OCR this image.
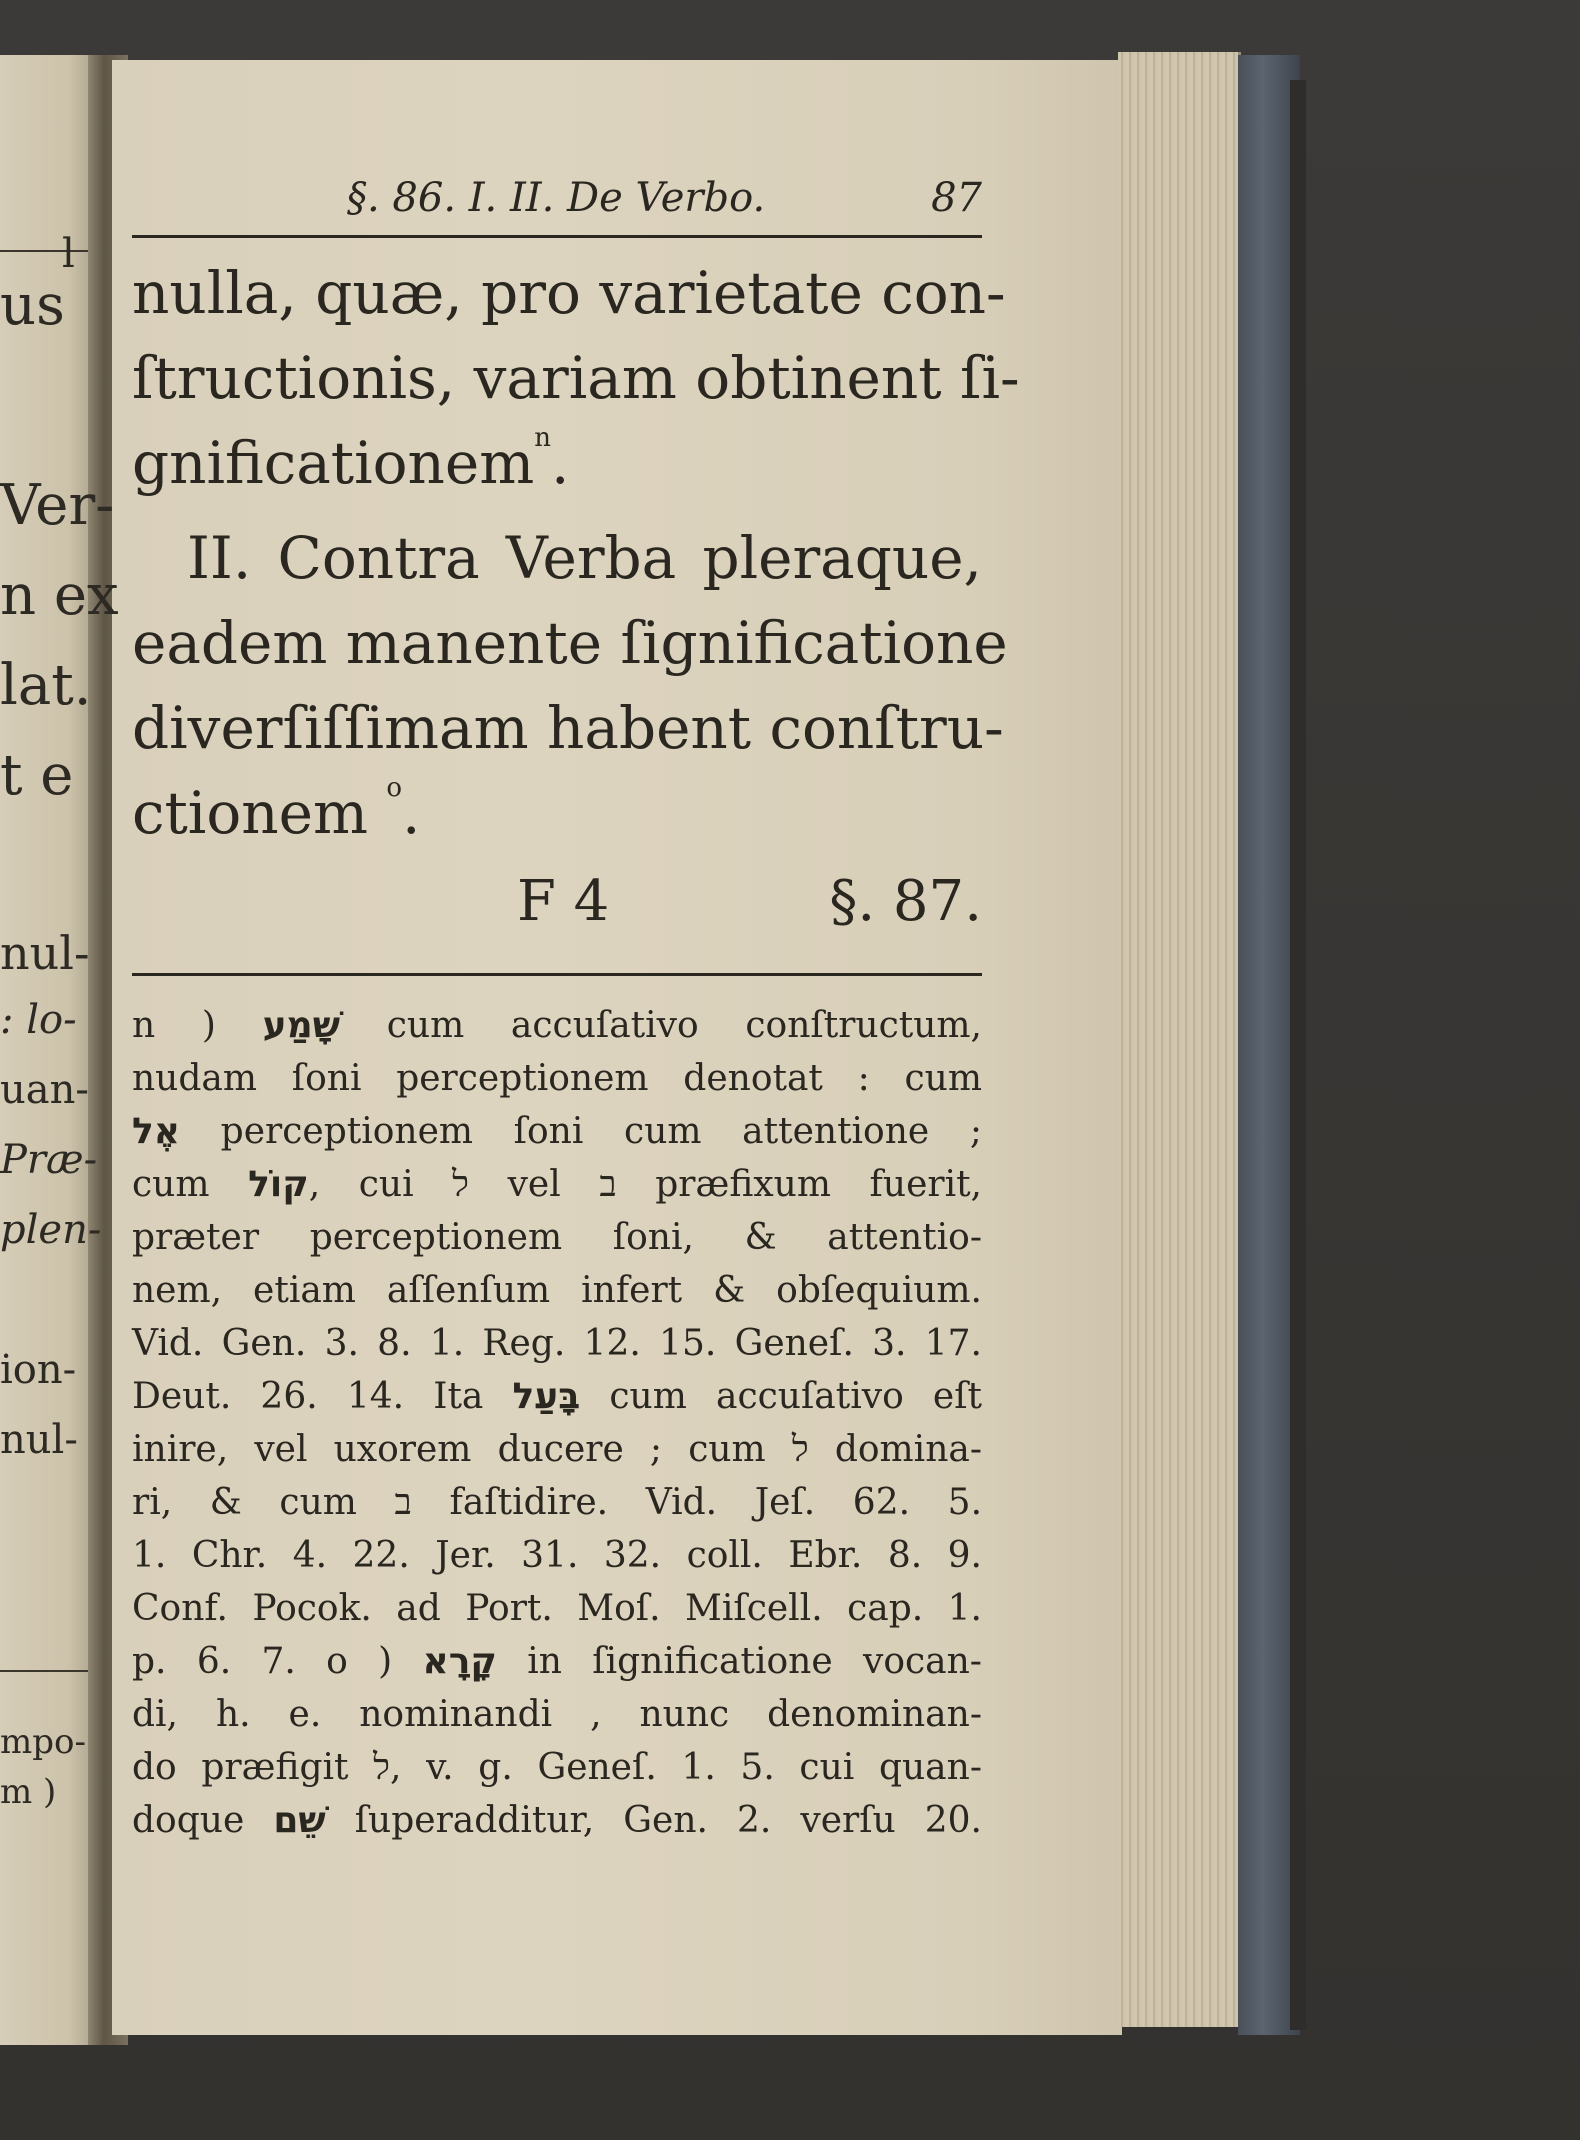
l
us
Ver-
n ex
lat.
t e
nul-
: lo-
uan-
Præ-
plen-
ion-
nul-
mpo-
m )
§. 86. I. II. De Verbo.	87
nulla, quæ, pro varietate con-
ſtructionis, variam obtinent ſi-
gnificationem$^n$.
II. Contra Verba pleraque,
eadem manente ſignificatione
diverſiſſimam habent conſtru-
ctionem $^o$.
F 4	§. 87.
n ) שָׁמַע cum accuſativo conſtructum,
nudam ſoni perceptionem denotat : cum
אֶל perceptionem ſoni cum attentione ;
cum קוֹל, cui ל vel ב præfixum fuerit,
præter perceptionem ſoni, & attentio-
nem, etiam aſſenſum infert & obſequium.
Vid. Gen. 3. 8. 1. Reg. 12. 15. Geneſ. 3. 17.
Deut. 26. 14. Ita בָּעַל cum accuſativo eſt
inire, vel uxorem ducere ; cum ל domina-
ri, & cum ב faſtidire. Vid. Jeſ. 62. 5.
1. Chr. 4. 22. Jer. 31. 32. coll. Ebr. 8. 9.
Conf. Pocok. ad Port. Moſ. Miſcell. cap. 1.
p. 6. 7. o ) קָרָא in ſignificatione vocan-
di, h. e. nominandi , nunc denominan-
do præfigit ל, v. g. Geneſ. 1. 5. cui quan-
doque שֵׁם ſuperadditur, Gen. 2. verſu 20.
